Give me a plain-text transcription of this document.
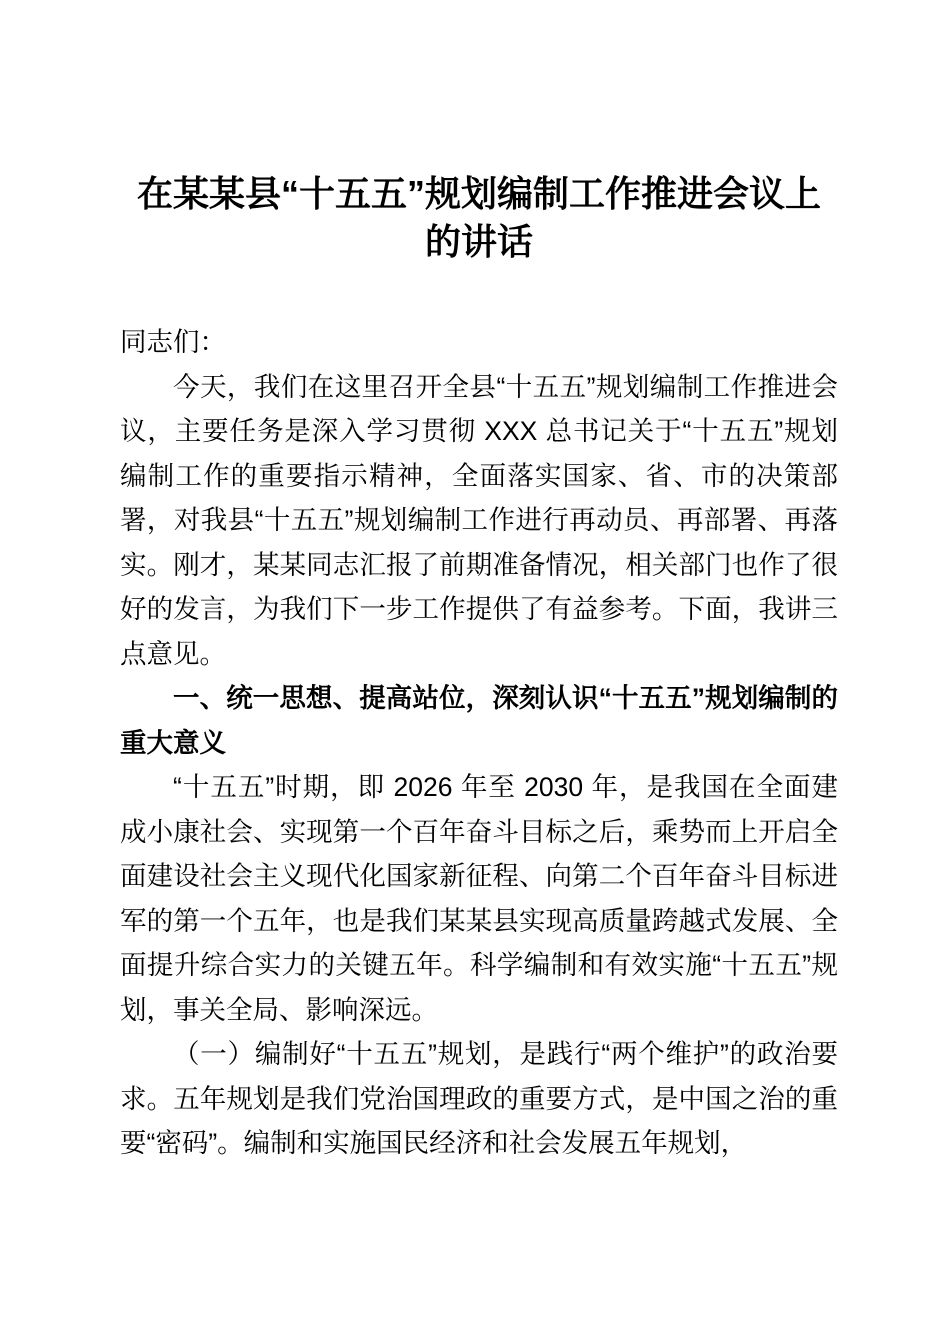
在某某县“十五五”规划编制工作推进会议上
的讲话

同志们：

今天，我们在这里召开全县“十五五”规划编制工作推进会议，主要任务是深入学习贯彻 XXX 总书记关于“十五五”规划编制工作的重要指示精神，全面落实国家、省、市的决策部署，对我县“十五五”规划编制工作进行再动员、再部署、再落实。刚才，某某同志汇报了前期准备情况，相关部门也作了很好的发言，为我们下一步工作提供了有益参考。下面，我讲三点意见。

一、统一思想、提高站位，深刻认识“十五五”规划编制的重大意义

“十五五”时期，即 2026 年至 2030 年，是我国在全面建成小康社会、实现第一个百年奋斗目标之后，乘势而上开启全面建设社会主义现代化国家新征程、向第二个百年奋斗目标进军的第一个五年，也是我们某某县实现高质量跨越式发展、全面提升综合实力的关键五年。科学编制和有效实施“十五五”规划，事关全局、影响深远。

（一）编制好“十五五”规划，是践行“两个维护”的政治要求。五年规划是我们党治国理政的重要方式，是中国之治的重要“密码”。编制和实施国民经济和社会发展五年规划，
